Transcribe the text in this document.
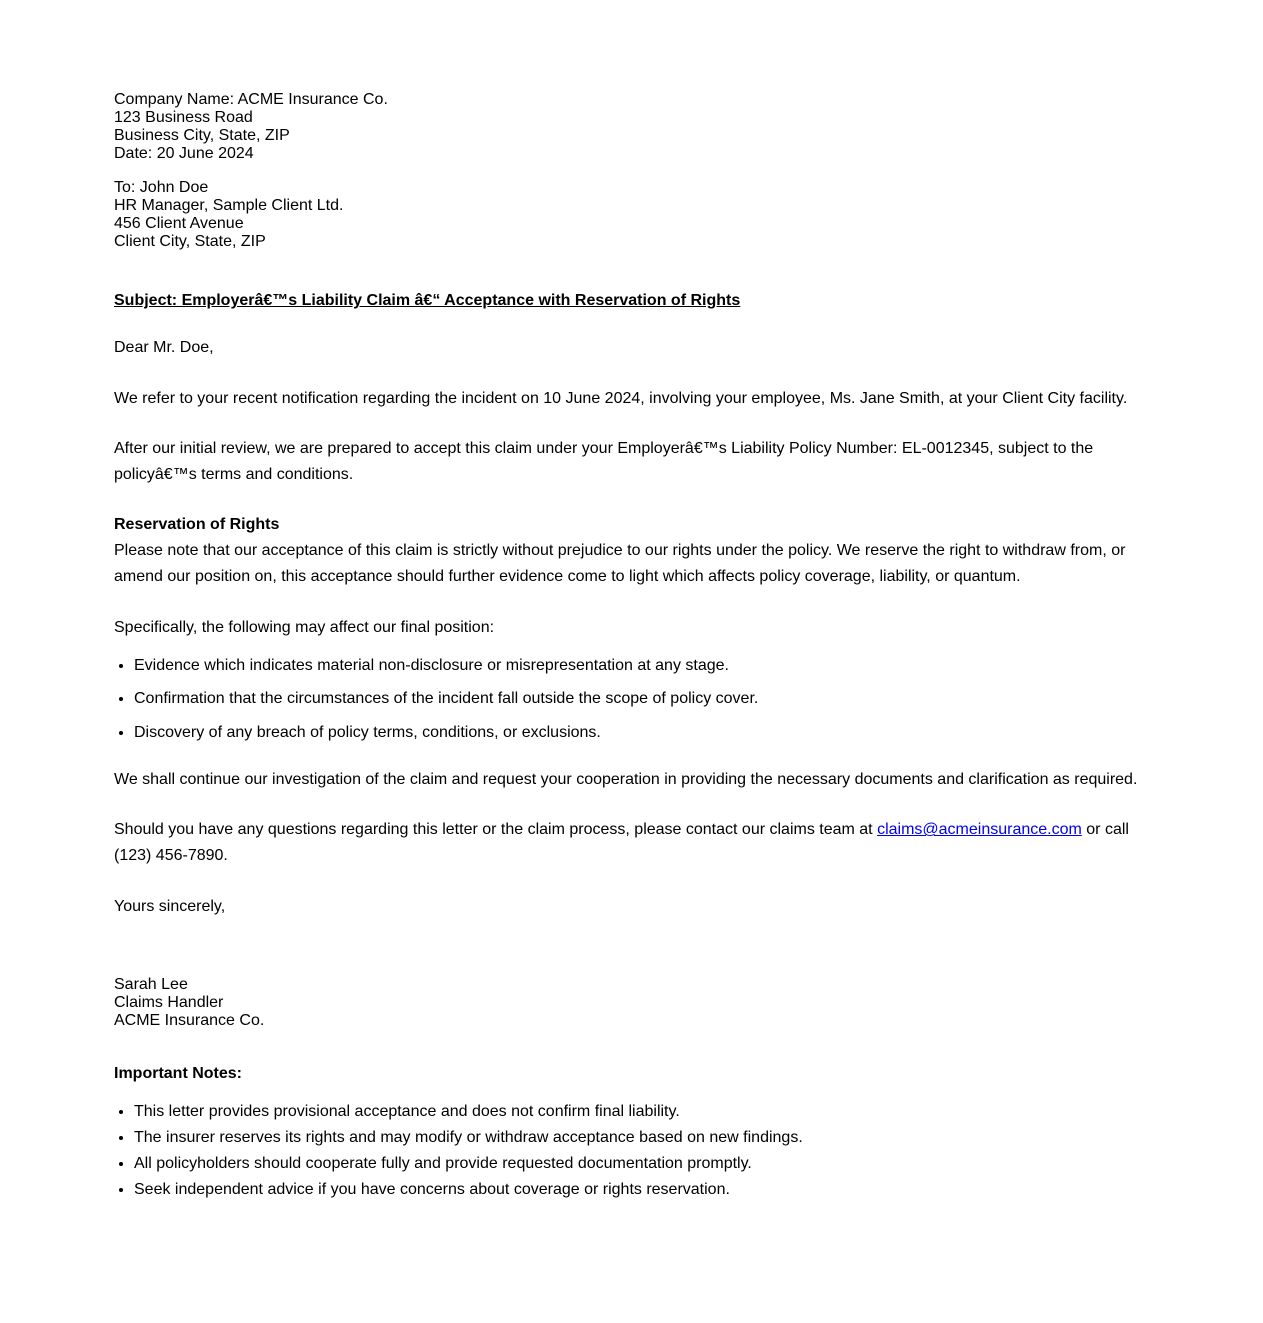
Company Name: ACME Insurance Co.
123 Business Road
Business City, State, ZIP
Date: 20 June 2024
To: John Doe
HR Manager, Sample Client Ltd.
456 Client Avenue
Client City, State, ZIP
Subject: Employerâ€™s Liability Claim â€“ Acceptance with Reservation of Rights

Dear Mr. Doe,

We refer to your recent notification regarding the incident on 10 June 2024, involving your employee, Ms. Jane Smith, at your Client City facility.

After our initial review, we are prepared to accept this claim under your Employerâ€™s Liability Policy Number: EL-0012345, subject to the policyâ€™s terms and conditions.

Reservation of Rights

Please note that our acceptance of this claim is strictly without prejudice to our rights under the policy. We reserve the right to withdraw from, or amend our position on, this acceptance should further evidence come to light which affects policy coverage, liability, or quantum.

Specifically, the following may affect our final position:

• Evidence which indicates material non-disclosure or misrepresentation at any stage.
• Confirmation that the circumstances of the incident fall outside the scope of policy cover.
• Discovery of any breach of policy terms, conditions, or exclusions.

We shall continue our investigation of the claim and request your cooperation in providing the necessary documents and clarification as required.

Should you have any questions regarding this letter or the claim process, please contact our claims team at claims@acmeinsurance.com or call (123) 456-7890.

Yours sincerely,

Sarah Lee
Claims Handler
ACME Insurance Co.
Important Notes:
• This letter provides provisional acceptance and does not confirm final liability.
• The insurer reserves its rights and may modify or withdraw acceptance based on new findings.
• All policyholders should cooperate fully and provide requested documentation promptly.
• Seek independent advice if you have concerns about coverage or rights reservation.
